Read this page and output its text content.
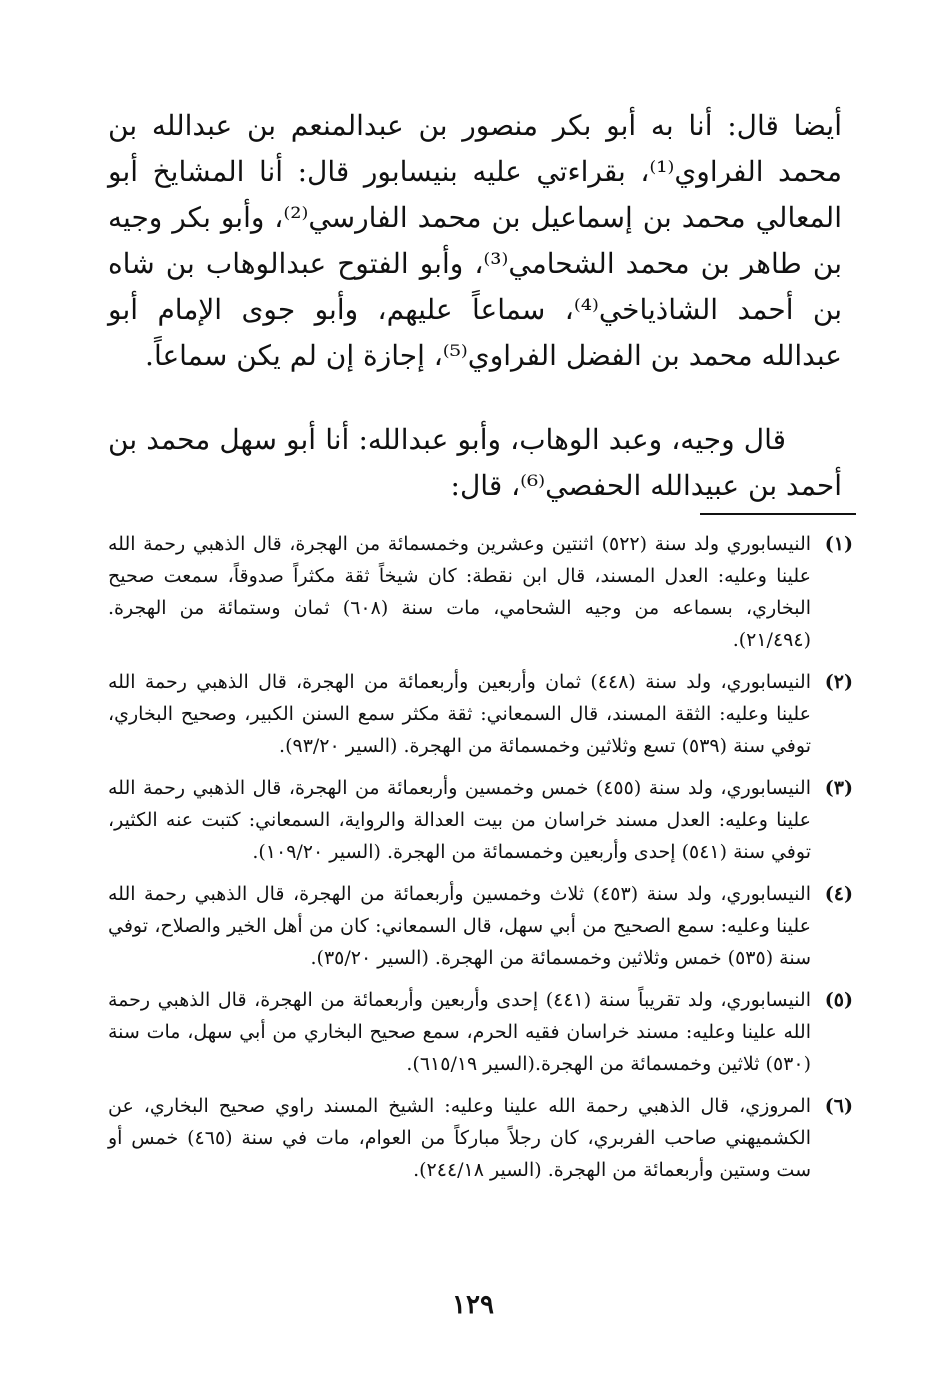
أيضا قال: أنا به أبو بكر منصور بن عبدالمنعم بن عبدالله بن محمد الفراوي⁽¹⁾، بقراءتي عليه بنيسابور قال: أنا المشايخ أبو المعالي محمد بن إسماعيل بن محمد الفارسي⁽²⁾، وأبو بكر وجيه بن طاهر بن محمد الشحامي⁽³⁾، وأبو الفتوح عبدالوهاب بن شاه بن أحمد الشاذياخي⁽⁴⁾، سماعاً عليهم، وأبو جوى الإمام أبو عبدالله محمد بن الفضل الفراوي⁽⁵⁾، إجازة إن لم يكن سماعاً.

قال وجيه، وعبد الوهاب، وأبو عبدالله: أنا أبو سهل محمد بن أحمد بن عبيدالله الحفصي⁽⁶⁾، قال:

(١)
النيسابوري ولد سنة (٥٢٢) اثنتين وعشرين وخمسمائة من الهجرة، قال الذهبي رحمة الله علينا وعليه: العدل المسند، قال ابن نقطة: كان شيخاً ثقة مكثراً صدوقاً، سمعت صحيح البخاري، بسماعه من وجيه الشحامي، مات سنة (٦٠٨) ثمان وستمائة من الهجرة. (٢١/٤٩٤).
(٢)
النيسابوري، ولد سنة (٤٤٨) ثمان وأربعين وأربعمائة من الهجرة، قال الذهبي رحمة الله علينا وعليه: الثقة المسند، قال السمعاني: ثقة مكثر سمع السنن الكبير، وصحيح البخاري، توفي سنة (٥٣٩) تسع وثلاثين وخمسمائة من الهجرة. (السير ٩٣/٢٠).
(٣)
النيسابوري، ولد سنة (٤٥٥) خمس وخمسين وأربعمائة من الهجرة، قال الذهبي رحمة الله علينا وعليه: العدل مسند خراسان من بيت العدالة والرواية، السمعاني: كتبت عنه الكثير، توفي سنة (٥٤١) إحدى وأربعين وخمسمائة من الهجرة. (السير ١٠٩/٢٠).
(٤)
النيسابوري، ولد سنة (٤٥٣) ثلاث وخمسين وأربعمائة من الهجرة، قال الذهبي رحمة الله علينا وعليه: سمع الصحيح من أبي سهل، قال السمعاني: كان من أهل الخير والصلاح، توفي سنة (٥٣٥) خمس وثلاثين وخمسمائة من الهجرة. (السير ٣٥/٢٠).
(٥)
النيسابوري، ولد تقريباً سنة (٤٤١) إحدى وأربعين وأربعمائة من الهجرة، قال الذهبي رحمة الله علينا وعليه: مسند خراسان فقيه الحرم، سمع صحيح البخاري من أبي سهل، مات سنة (٥٣٠) ثلاثين وخمسمائة من الهجرة.(السير ٦١٥/١٩).
(٦)
المروزي، قال الذهبي رحمة الله علينا وعليه: الشيخ المسند راوي صحيح البخاري، عن الكشميهني صاحب الفربري، كان رجلاً مباركاً من العوام، مات في سنة (٤٦٥) خمس أو ست وستين وأربعمائة من الهجرة. (السير ٢٤٤/١٨).
١٢٩
